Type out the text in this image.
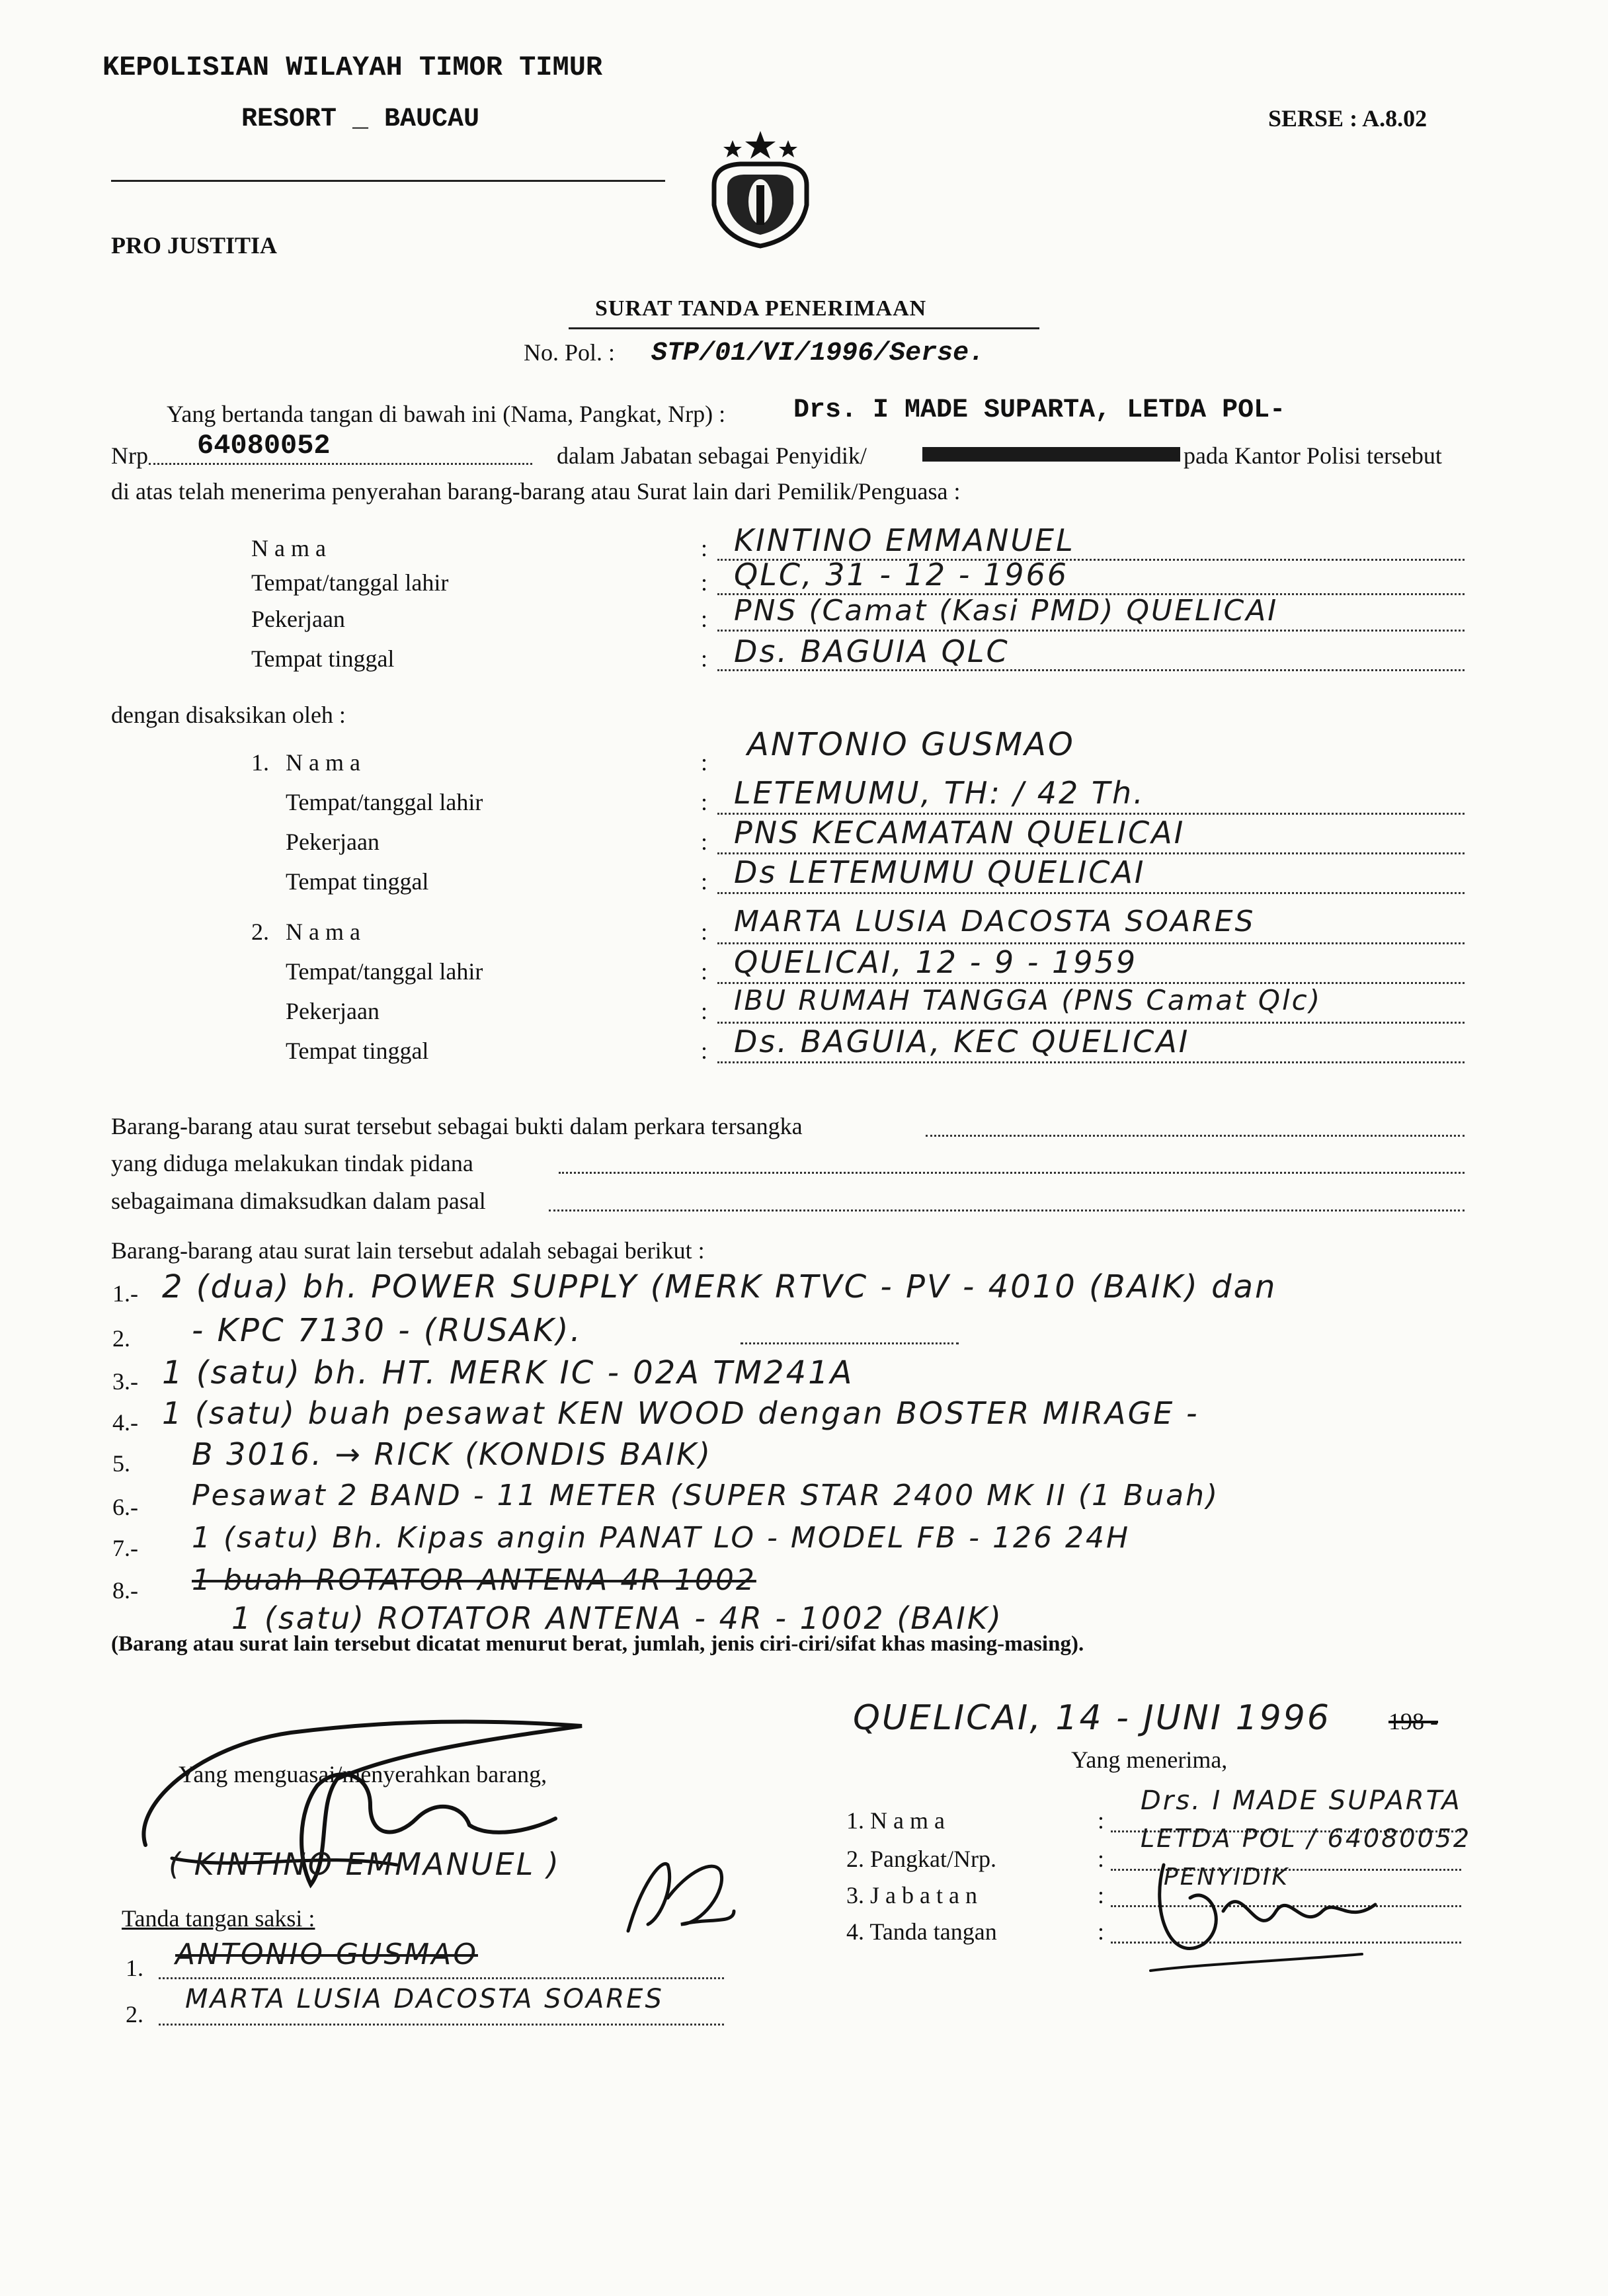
KEPOLISIAN WILAYAH TIMOR TIMUR
RESORT _ BAUCAU	SERSE : A.8.02
PRO JUSTITIA
SURAT TANDA PENERIMAAN
No. Pol. : STP/01/VI/1996/Serse.
Yang bertanda tangan di bawah ini (Nama, Pangkat, Nrp) :	Drs. I MADE SUPARTA, LETDA POL-
Nrp 64080052	dalam Jabatan sebagai Penyidik/	pada Kantor Polisi tersebut
di atas telah menerima penyerahan barang-barang atau Surat lain dari Pemilik/Penguasa :
N a m a	: KINTINO EMMANUEL
Tempat/tanggal lahir	: QLC, 31 - 12 - 1966
Pekerjaan	: PNS (Camat (Kasi PMD) QUELICAI
Tempat tinggal	: Ds. BAGUIA QLC
dengan disaksikan oleh :
1. N a m a	ANTONIO GUSMAO
:
Tempat/tanggal lahir	: LETEMUMU, TH: / 42 Th.
Pekerjaan	: PNS KECAMATAN QUELICAI
Tempat tinggal	: Ds LETEMUMU QUELICAI
2. N a m a	: MARTA LUSIA DACOSTA SOARES
Tempat/tanggal lahir	: QUELICAI, 12 - 9 - 1959
Pekerjaan	: IBU RUMAH TANGGA (PNS Camat Qlc)
Tempat tinggal	: Ds. BAGUIA, KEC QUELICAI
Barang-barang atau surat tersebut sebagai bukti dalam perkara tersangka
yang diduga melakukan tindak pidana
sebagaimana dimaksudkan dalam pasal
Barang-barang atau surat lain tersebut adalah sebagai berikut :
1.- 2 (dua) bh. POWER SUPPLY (MERK RTVC - PV - 4010 (BAIK) dan
2. - KPC 7130 - (RUSAK).
3.- 1 (satu) bh. HT. MERK IC - 02A TM241A
4.- 1 (satu) buah pesawat KEN WOOD dengan BOSTER MIRAGE -
5. B 3016. → RICK (KONDIS BAIK)
6.- Pesawat 2 BAND - 11 METER (SUPER STAR 2400 MK II (1 Buah)
7.- 1 (satu) Bh. Kipas angin PANAT LO - MODEL FB - 126 24H
8.- 1 buah ROTATOR ANTENA 4R 1002
1 (satu) ROTATOR ANTENA - 4R - 1002 (BAIK)
(Barang atau surat lain tersebut dicatat menurut berat, jumlah, jenis ciri-ciri/sifat khas masing-masing).
QUELICAI, 14 - JUNI 1996 198 -
Yang menguasai/menyerahkan barang,
( KINTINO EMMANUEL )
Tanda tangan saksi :
1. ANTONIO GUSMAO
2. MARTA LUSIA DACOSTA SOARES
Yang menerima,
1. N a m a	:
Drs. I MADE SUPARTA
2. Pangkat/Nrp.	:
LETDA POL / 64080052
3. J a b a t a n	:
PENYIDIK
4. Tanda tangan	:
